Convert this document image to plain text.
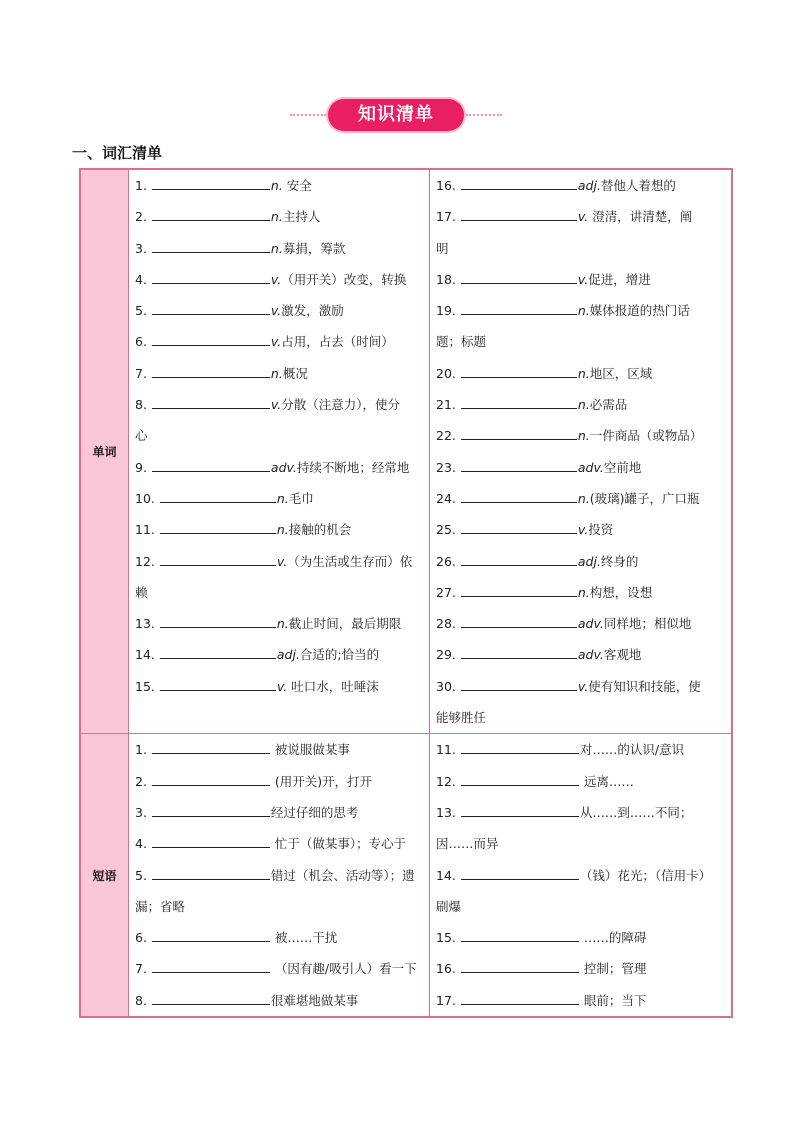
知识清单
一、词汇清单
单词
1.	n. 安全
2.	n.主持人
3.	n.募捐，筹款
4.	v.（用开关）改变，转换
5.	v.激发，激励
6.	v.占用，占去（时间）
7.	n.概况
8.	v.分散（注意力），使分
心
9.	adv.持续不断地；经常地
10.	n.毛巾
11.	n.接触的机会
12.	v.（为生活或生存而）依
赖
13.	n.截止时间，最后期限
14.	adj.合适的;恰当的
15.	v. 吐口水，吐唾沫
16.	adj.替他人着想的
17.	v. 澄清，讲清楚，阐
明
18.	v.促进，增进
19.	n.媒体报道的热门话
题；标题
20.	n.地区，区域
21.	n.必需品
22.	n.一件商品（或物品）
23.	adv.空前地
24.	n.(玻璃)罐子，广口瓶
25.	v.投资
26.	adj.终身的
27.	n.构想，设想
28.	adv.同样地；相似地
29.	adv.客观地
30.	v.使有知识和技能，使
能够胜任
短语
1.	被说服做某事
2.	(用开关)开，打开
3.	经过仔细的思考
4.	忙于（做某事）；专心于
5.	错过（机会、活动等）；遗
漏；省略
6.	被……干扰
7.	（因有趣/吸引人）看一下
8.	很难堪地做某事
11.	对……的认识/意识
12.	远离……
13.	从……到……不同；
因……而异
14.	（钱）花光；（信用卡）
刷爆
15.	……的障碍
16.	控制；管理
17.	眼前；当下
